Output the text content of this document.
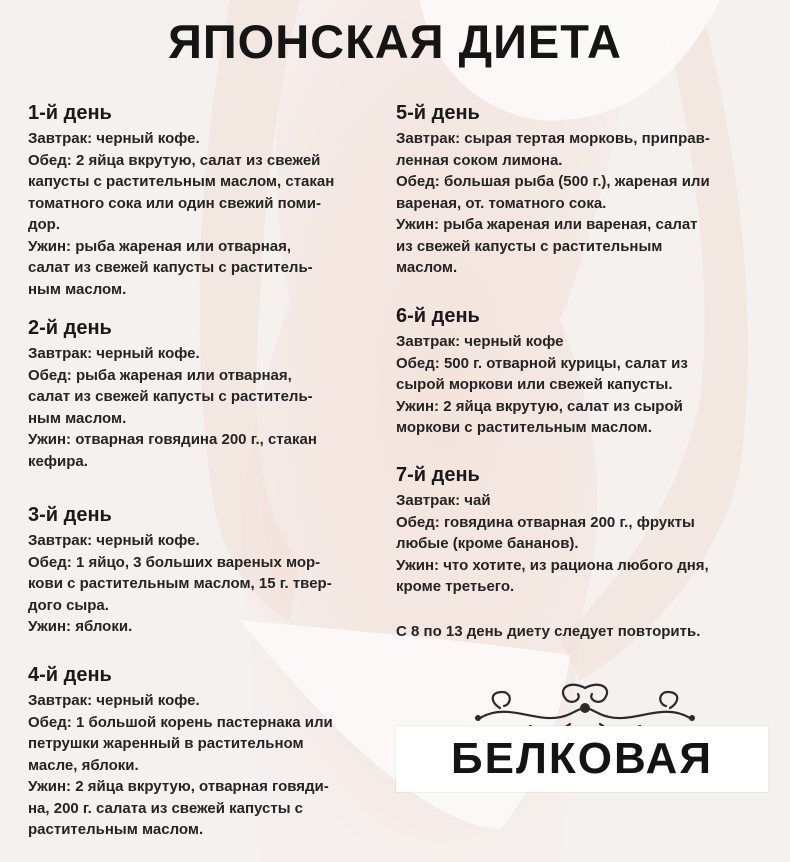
ЯПОНСКАЯ ДИЕТА
1-й день

Завтрак: черный кофе.
Обед: 2 яйца вкрутую, салат из свежей
капусты с растительным маслом, стакан
томатного сока или один свежий поми-
дор.
Ужин: рыба жареная или отварная,
салат из свежей капусты с раститель-
ным маслом.

2-й день

Завтрак: черный кофе.
Обед: рыба жареная или отварная,
салат из свежей капусты с раститель-
ным маслом.
Ужин: отварная говядина 200 г., стакан
кефира.

3-й день

Завтрак: черный кофе.
Обед: 1 яйцо, 3 больших вареных мор-
кови с растительным маслом, 15 г. твер-
дого сыра.
Ужин: яблоки.

4-й день

Завтрак: черный кофе.
Обед: 1 большой корень пастернака или
петрушки жаренный в растительном
масле, яблоки.
Ужин: 2 яйца вкрутую, отварная говяди-
на, 200 г. салата из свежей капусты с
растительным маслом.

5-й день

Завтрак: сырая тертая морковь, приправ-
ленная соком лимона.
Обед: большая рыба (500 г.), жареная или
вареная, от. томатного сока.
Ужин: рыба жареная или вареная, салат
из свежей капусты с растительным
маслом.

6-й день

Завтрак: черный кофе
Обед: 500 г. отварной курицы, салат из
сырой моркови или свежей капусты.
Ужин: 2 яйца вкрутую, салат из сырой
моркови с растительным маслом.

7-й день

Завтрак: чай
Обед: говядина отварная 200 г., фрукты
любые (кроме бананов).
Ужин: что хотите, из рациона любого дня,
кроме третьего.

С 8 по 13 день диету следует повторить.

БЕЛКОВАЯ
